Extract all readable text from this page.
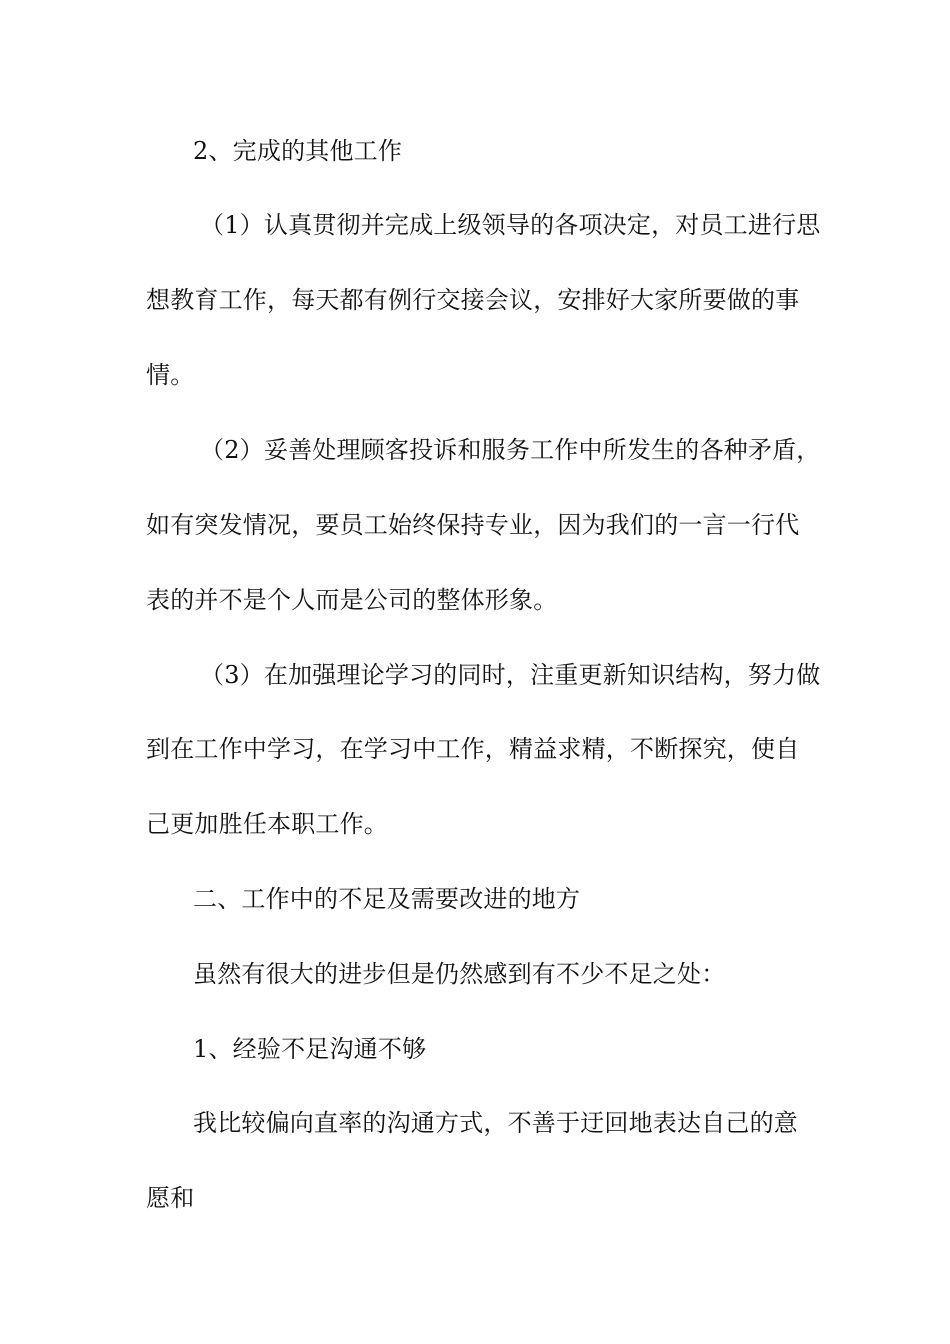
2、完成的其他工作
（1）认真贯彻并完成上级领导的各项决定，对员工进行思
想教育工作，每天都有例行交接会议，安排好大家所要做的事
情。
（2）妥善处理顾客投诉和服务工作中所发生的各种矛盾，
如有突发情况，要员工始终保持专业，因为我们的一言一行代
表的并不是个人而是公司的整体形象。
（3）在加强理论学习的同时，注重更新知识结构，努力做
到在工作中学习，在学习中工作，精益求精，不断探究，使自
己更加胜任本职工作。
二、工作中的不足及需要改进的地方
虽然有很大的进步但是仍然感到有不少不足之处：
1、经验不足沟通不够
我比较偏向直率的沟通方式，不善于迂回地表达自己的意
愿和
